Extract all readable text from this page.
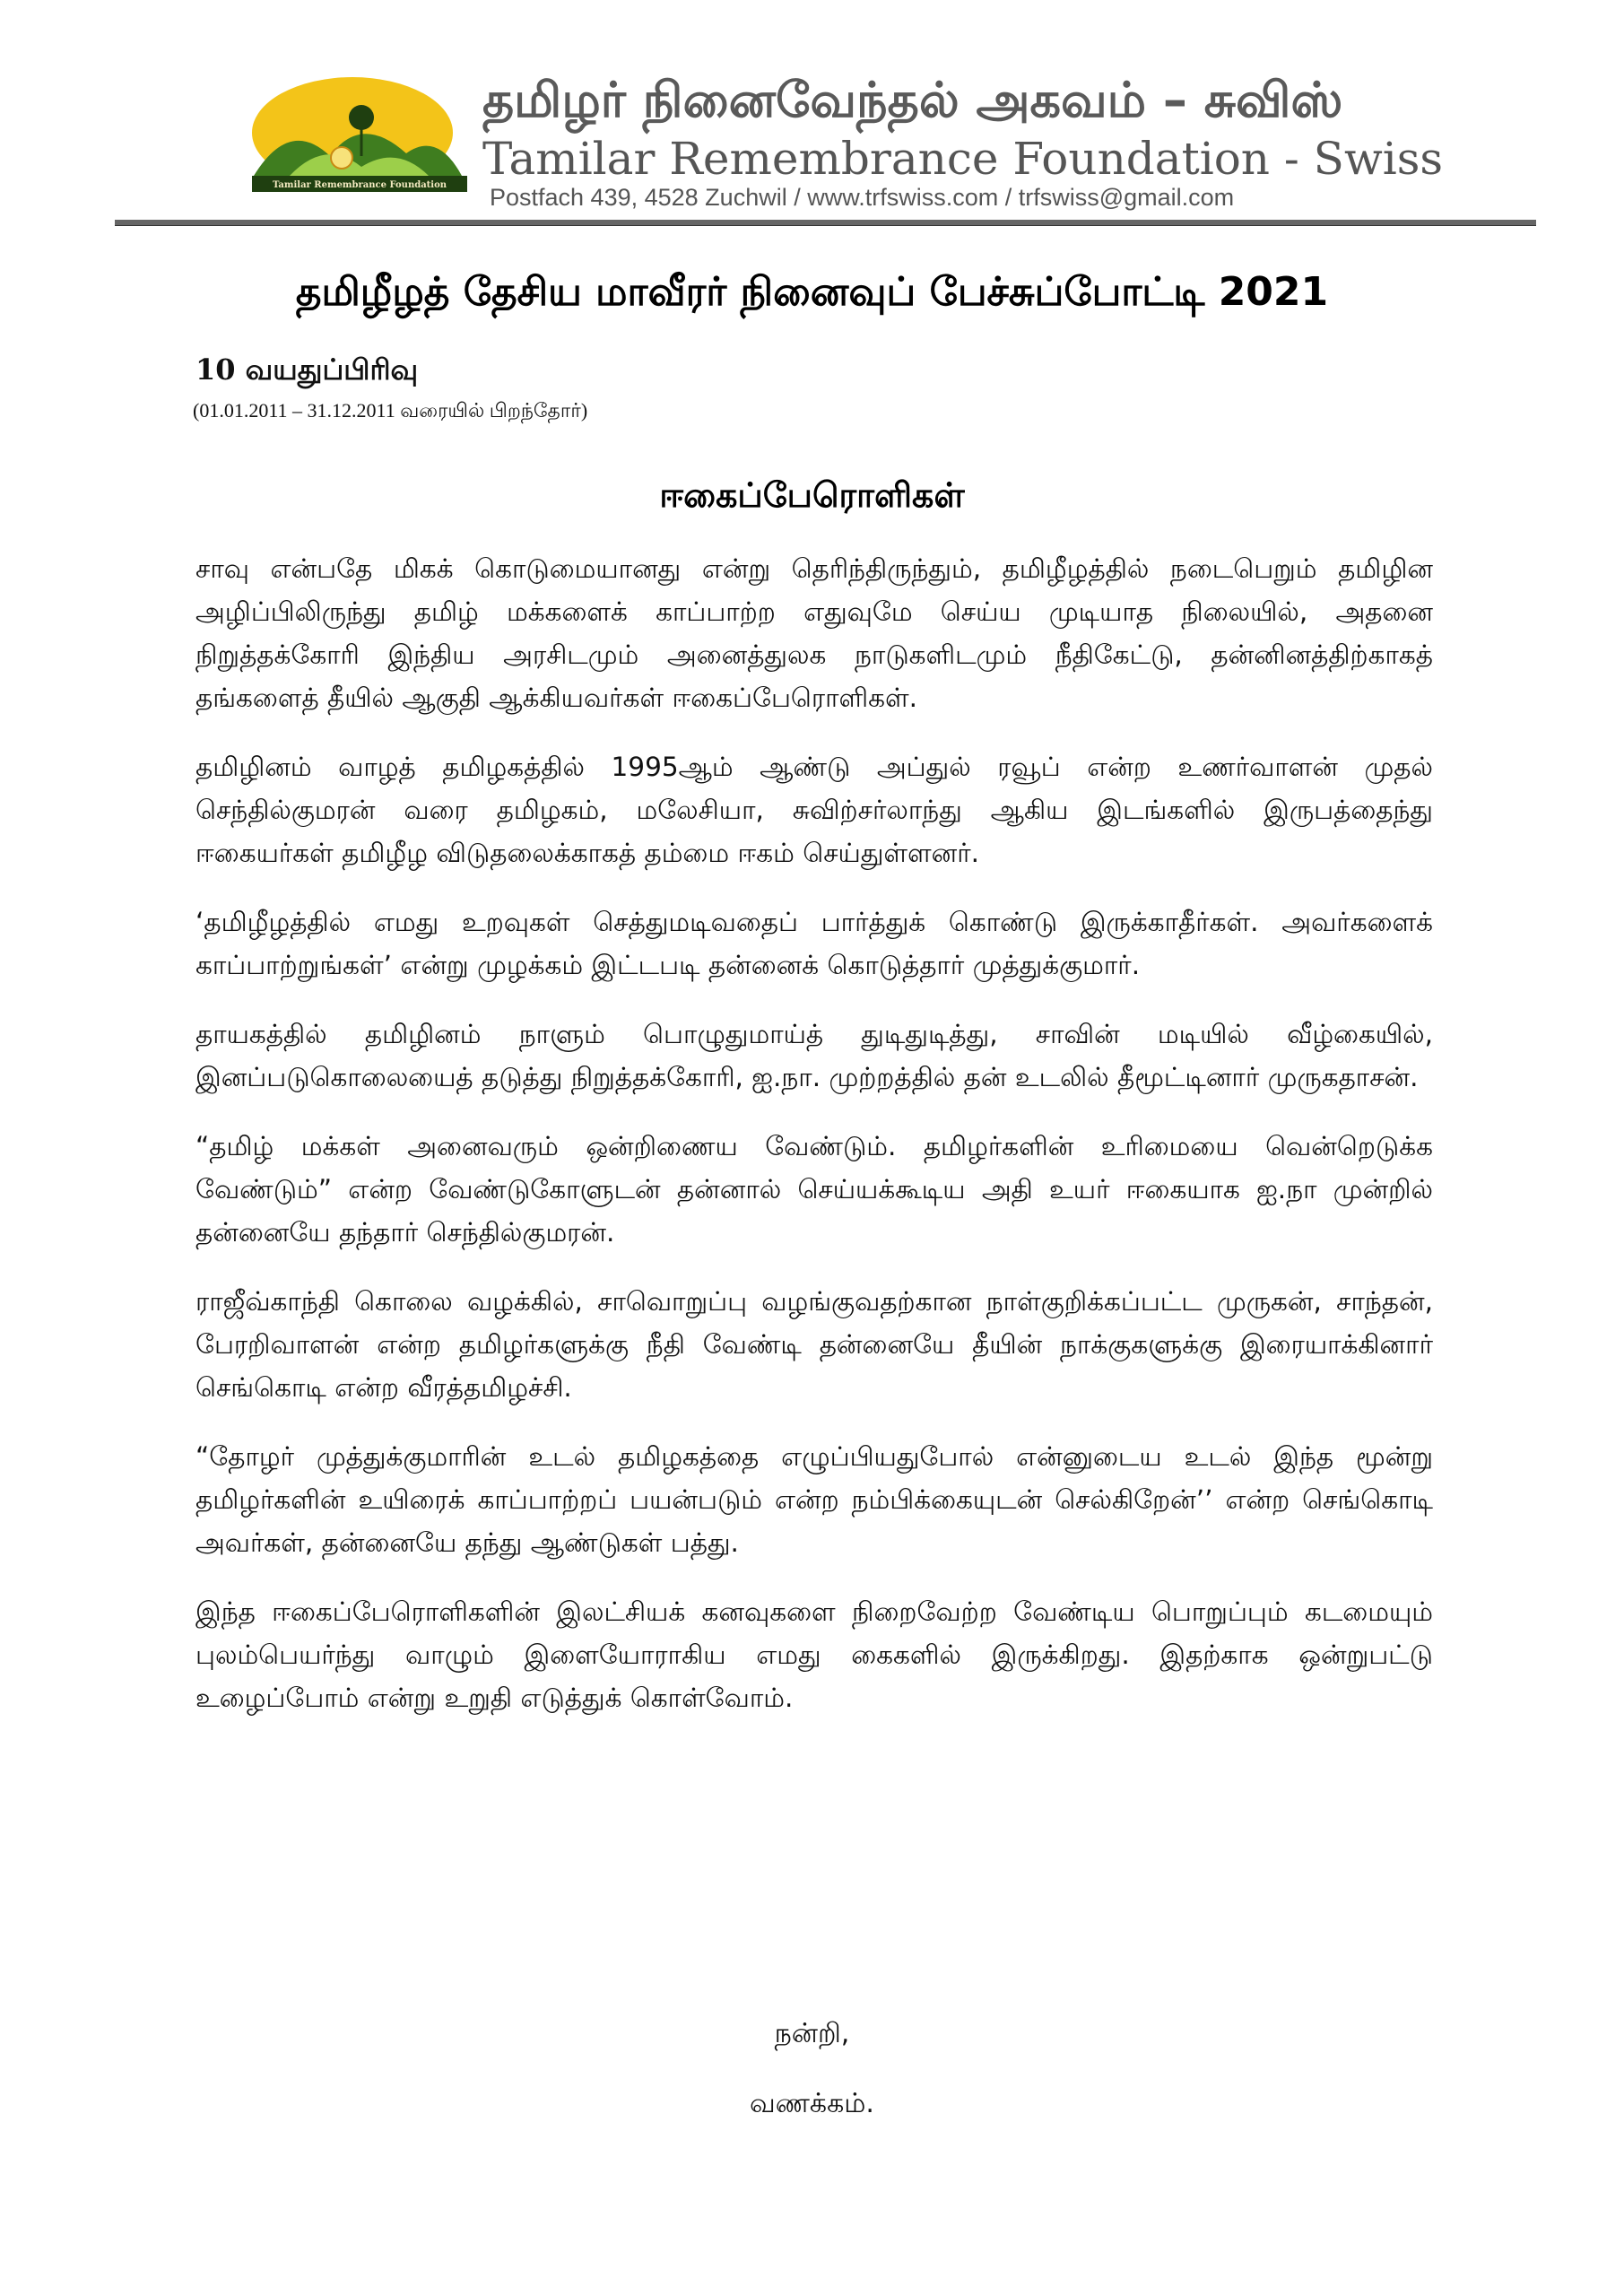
Tamilar Remembrance Foundation
தமிழர் நினைவேந்தல் அகவம் – சுவிஸ்
Tamilar Remembrance Foundation - Swiss
Postfach 439, 4528 Zuchwil / www.trfswiss.com / trfswiss@gmail.com
தமிழீழத் தேசிய மாவீரர் நினைவுப் பேச்சுப்போட்டி 2021
10 வயதுப்பிரிவு
(01.01.2011 – 31.12.2011 வரையில் பிறந்தோர்)
ஈகைப்பேரொளிகள்

சாவு என்பதே மிகக் கொடுமையானது என்று தெரிந்திருந்தும், தமிழீழத்தில் நடைபெறும் தமிழின அழிப்பிலிருந்து தமிழ் மக்களைக் காப்பாற்ற எதுவுமே செய்ய முடியாத நிலையில், அதனை நிறுத்தக்கோரி இந்திய அரசிடமும் அனைத்துலக நாடுகளிடமும் நீதிகேட்டு, தன்னினத்திற்காகத் தங்களைத் தீயில் ஆகுதி ஆக்கியவர்கள் ஈகைப்பேரொளிகள்.

தமிழினம் வாழத் தமிழகத்தில் 1995ஆம் ஆண்டு அப்துல் ரவூப் என்ற உணர்வாளன் முதல் செந்தில்குமரன் வரை தமிழகம், மலேசியா, சுவிற்சர்லாந்து ஆகிய இடங்களில் இருபத்தைந்து ஈகையர்கள் தமிழீழ விடுதலைக்காகத் தம்மை ஈகம் செய்துள்ளனர்.

‘தமிழீழத்தில் எமது உறவுகள் செத்துமடிவதைப் பார்த்துக் கொண்டு இருக்காதீர்கள். அவர்களைக் காப்பாற்றுங்கள்’ என்று முழக்கம் இட்டபடி தன்னைக் கொடுத்தார் முத்துக்குமார்.

தாயகத்தில் தமிழினம் நாளும் பொழுதுமாய்த் துடிதுடித்து, சாவின் மடியில் வீழ்கையில், இனப்படுகொலையைத் தடுத்து நிறுத்தக்கோரி, ஐ.நா. முற்றத்தில் தன் உடலில் தீமூட்டினார் முருகதாசன்.

“தமிழ் மக்கள் அனைவரும் ஒன்றிணைய வேண்டும். தமிழர்களின் உரிமையை வென்றெடுக்க வேண்டும்” என்ற வேண்டுகோளுடன் தன்னால் செய்யக்கூடிய அதி உயர் ஈகையாக ஐ.நா முன்றில் தன்னையே தந்தார் செந்தில்குமரன்.

ராஜீவ்காந்தி கொலை வழக்கில், சாவொறுப்பு வழங்குவதற்கான நாள்குறிக்கப்பட்ட முருகன், சாந்தன், பேரறிவாளன் என்ற தமிழர்களுக்கு நீதி வேண்டி தன்னையே தீயின் நாக்குகளுக்கு இரையாக்கினார் செங்கொடி என்ற வீரத்தமிழச்சி.

“தோழர் முத்துக்குமாரின் உடல் தமிழகத்தை எழுப்பியதுபோல் என்னுடைய உடல் இந்த மூன்று தமிழர்களின் உயிரைக் காப்பாற்றப் பயன்படும் என்ற நம்பிக்கையுடன் செல்கிறேன்’’ என்ற செங்கொடி அவர்கள், தன்னையே தந்து ஆண்டுகள் பத்து.

இந்த ஈகைப்பேரொளிகளின் இலட்சியக் கனவுகளை நிறைவேற்ற வேண்டிய பொறுப்பும் கடமையும் புலம்பெயர்ந்து வாழும் இளையோராகிய எமது கைகளில் இருக்கிறது. இதற்காக ஒன்றுபட்டு உழைப்போம் என்று உறுதி எடுத்துக் கொள்வோம்.

நன்றி,
வணக்கம்.
